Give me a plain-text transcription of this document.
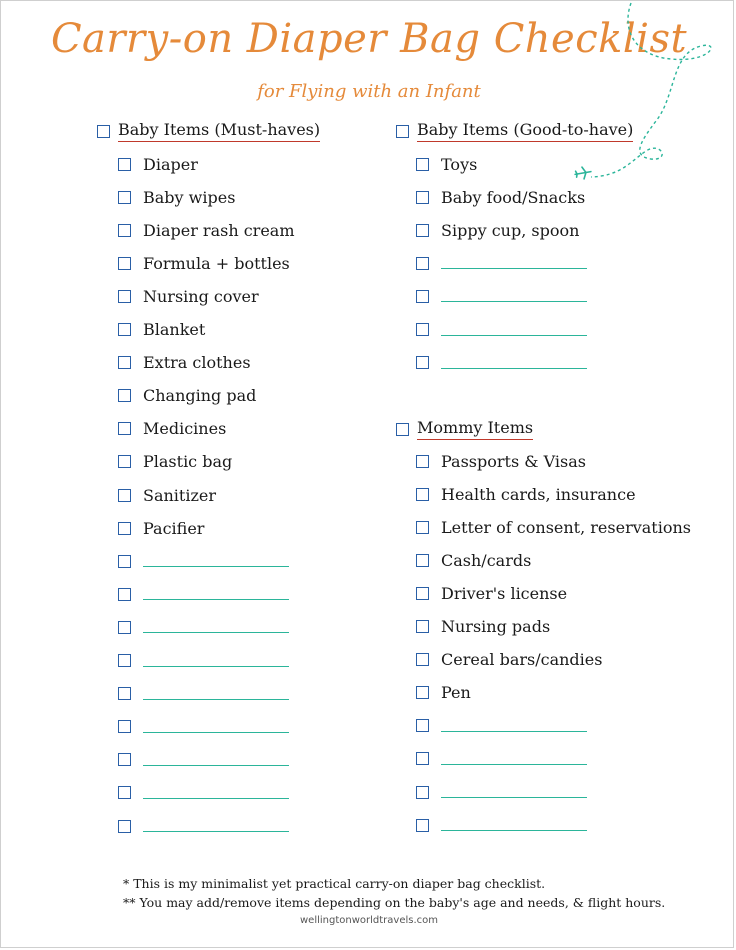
Carry-on Diaper Bag Checklist
for Flying with an Infant
Baby Items (Must-haves)
Diaper
Baby wipes
Diaper rash cream
Formula + bottles
Nursing cover
Blanket
Extra clothes
Changing pad
Medicines
Plastic bag
Sanitizer
Pacifier
Baby Items (Good-to-have)
Toys
Baby food/Snacks
Sippy cup, spoon
Mommy Items
Passports & Visas
Health cards, insurance
Letter of consent, reservations
Cash/cards
Driver's license
Nursing pads
Cereal bars/candies
Pen
* This is my minimalist yet practical carry-on diaper bag checklist.
** You may add/remove items depending on the baby's age and needs, & flight hours.
wellingtonworldtravels.com
